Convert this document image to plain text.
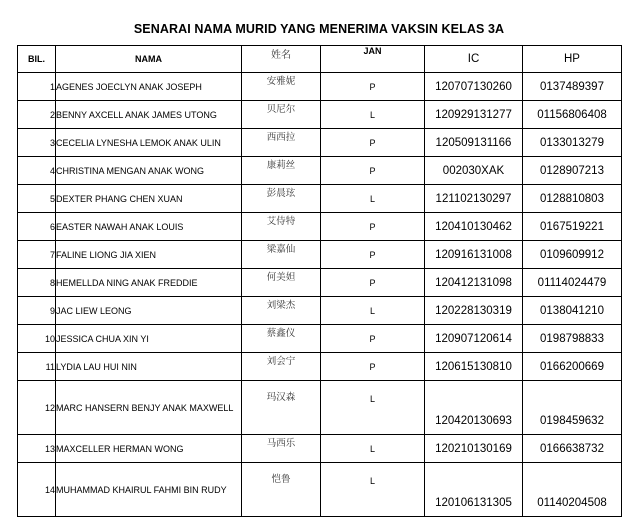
SENARAI NAMA MURID YANG MENERIMA VAKSIN KELAS 3A
BIL.	NAMA	姓名	JAN	IC	HP
1	AGENES JOECLYN ANAK JOSEPH	安雅妮	P	120707130260	0137489397
2	BENNY AXCELL ANAK JAMES UTONG	贝尼尔	L	120929131277	01156806408
3	CECELIA LYNESHA LEMOK ANAK ULIN	西西拉	P	120509131166	0133013279
4	CHRISTINA MENGAN ANAK WONG	康莉丝	P	002030XAK	0128907213
5	DEXTER PHANG CHEN XUAN	彭晨玹	L	121102130297	0128810803
6	EASTER NAWAH ANAK LOUIS	艾侍特	P	120410130462	0167519221
7	FALINE LIONG JIA XIEN	梁嘉仙	P	120916131008	0109609912
8	HEMELLDA NING ANAK FREDDIE	何美妲	P	120412131098	01114024479
9	JAC LIEW LEONG	刘梁杰	L	120228130319	0138041210
10	JESSICA CHUA XIN YI	蔡鑫仪	P	120907120614	0198798833
11	LYDIA LAU HUI NIN	刘会宁	P	120615130810	0166200669
12	MARC HANSERN BENJY ANAK MAXWELL	玛汉森	L	120420130693	0198459632
13	MAXCELLER HERMAN WONG	马西乐	L	120210130169	0166638732
14	MUHAMMAD KHAIRUL FAHMI BIN RUDY	恺鲁	L	120106131305	01140204508
